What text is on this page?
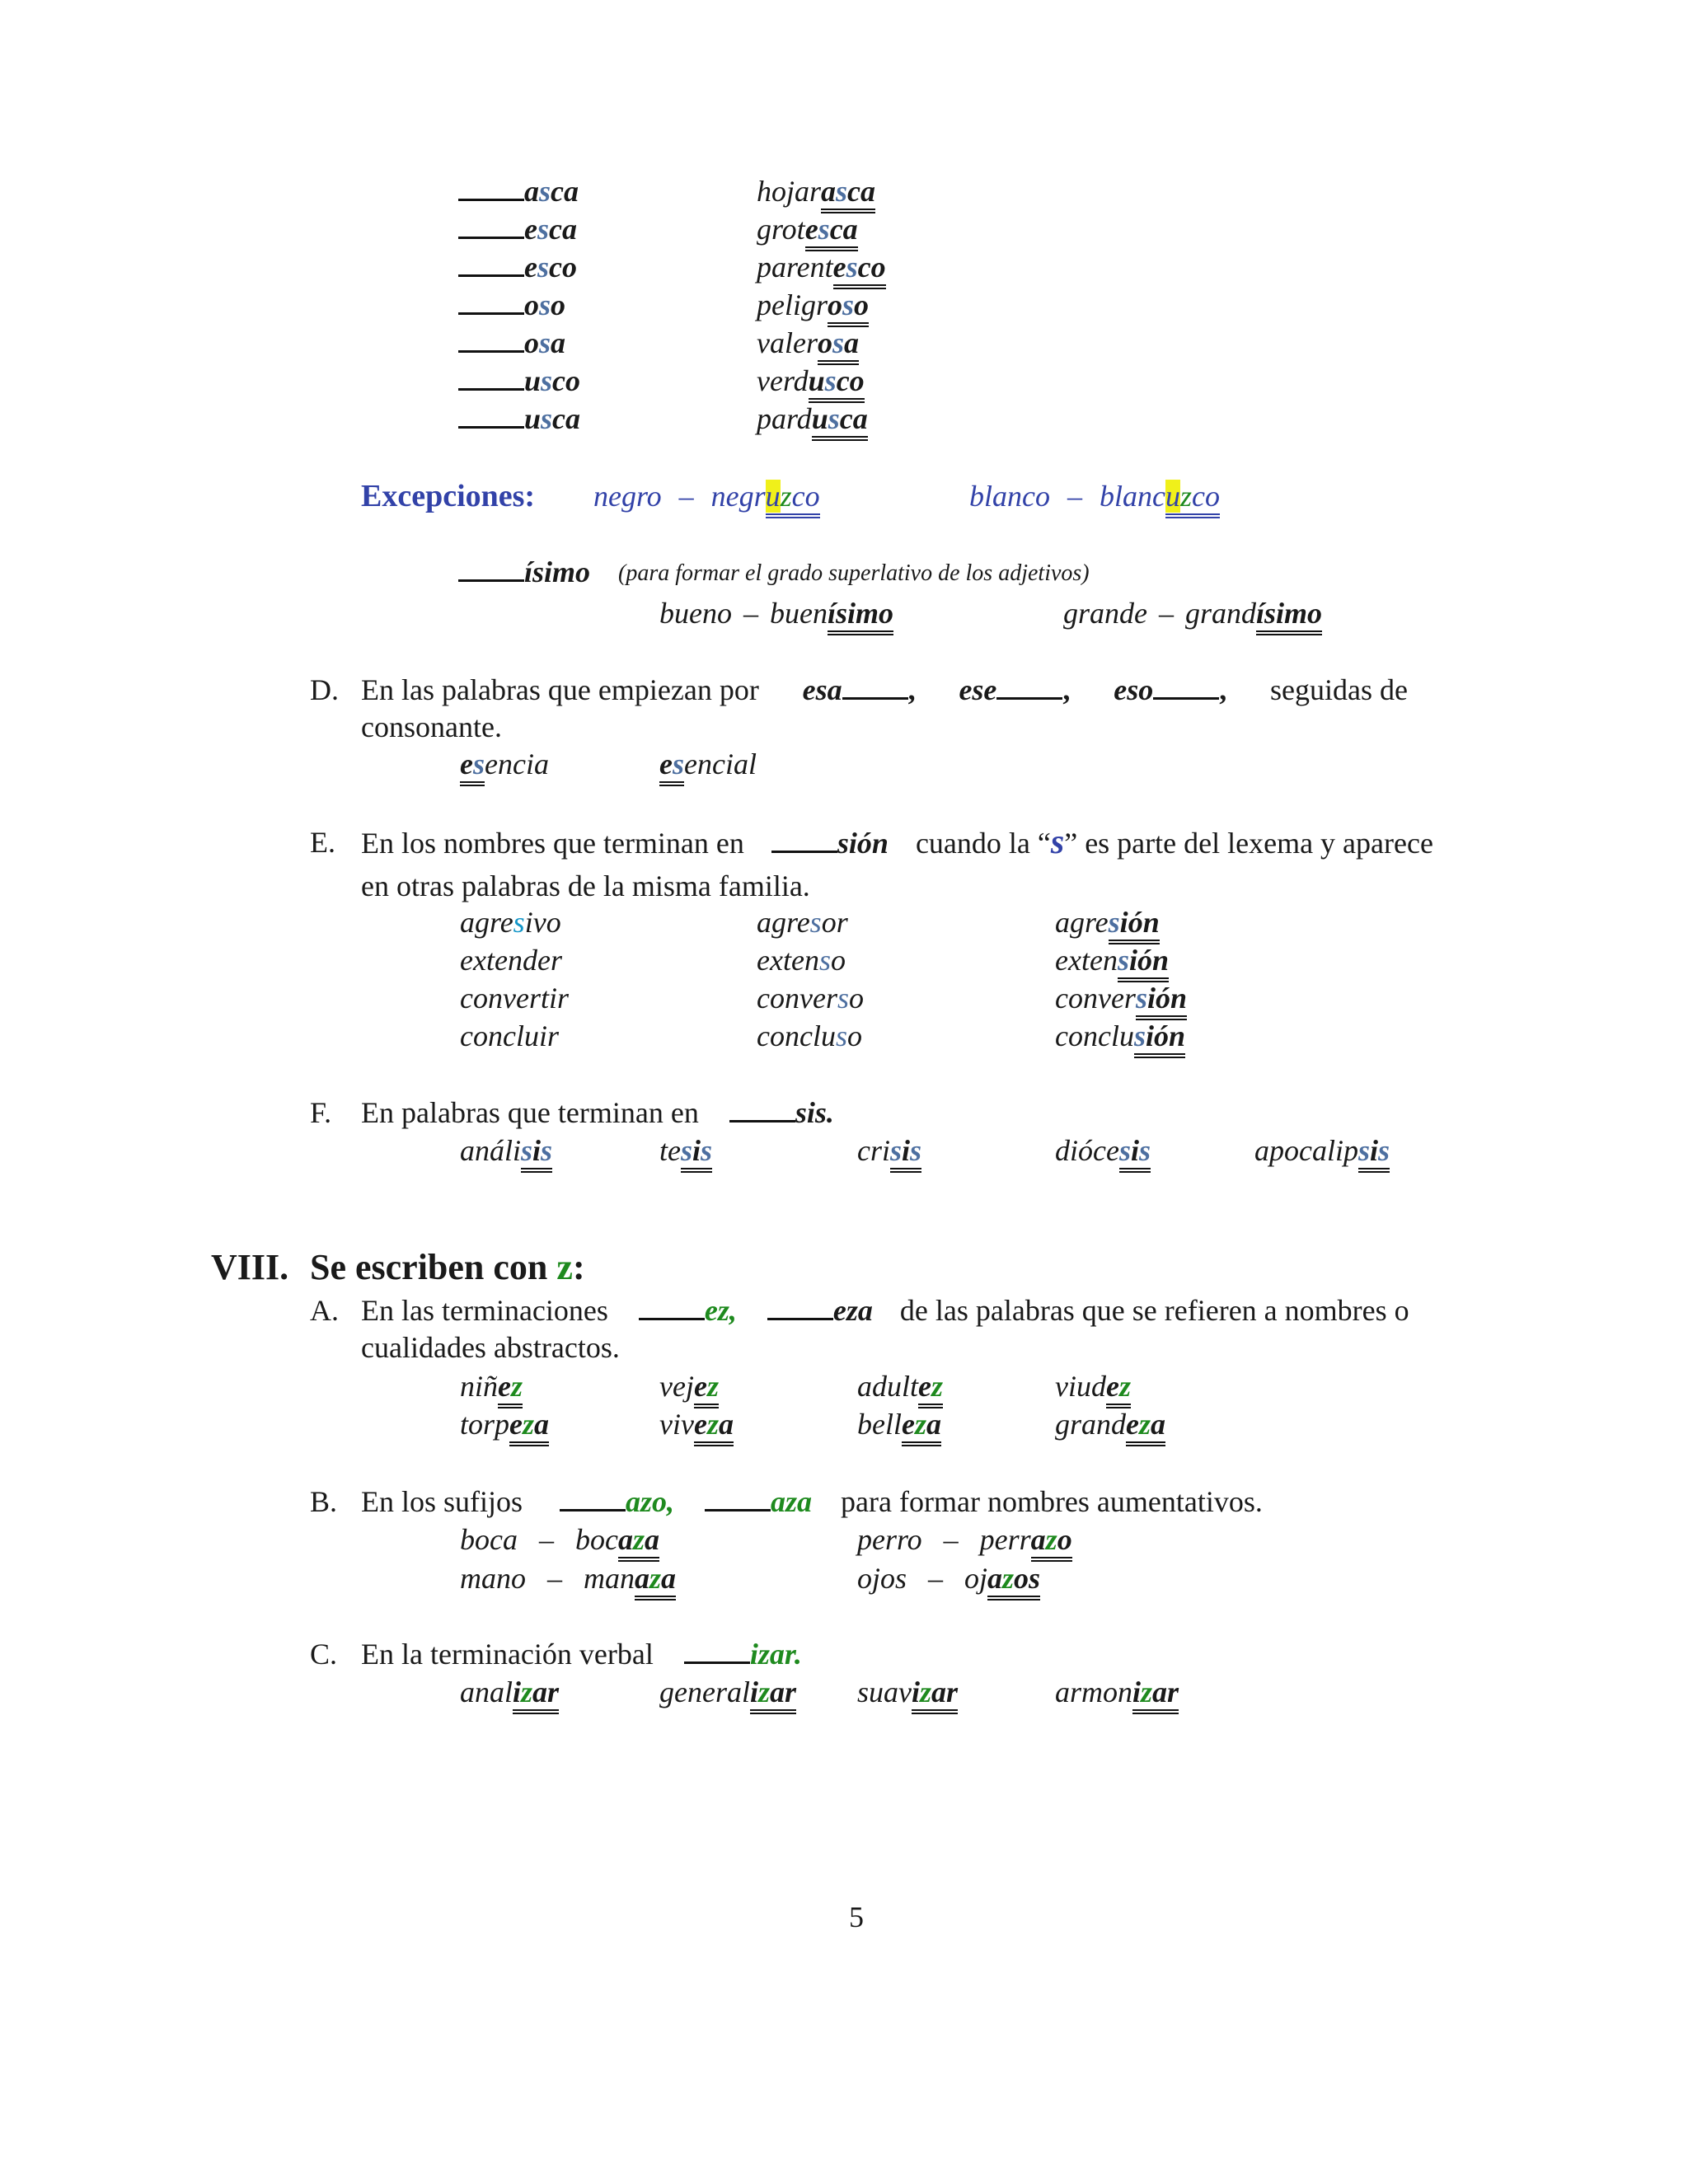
asca	hojarasca
esca	grotesca
esco	parentesco
oso	peligroso
osa	valerosa
usco	verdusco
usca	pardusca
Excepciones: negro – negruzco	blanco – blancuzco
ísimo (para formar el grado superlativo de los adjetivos)
bueno – buenísimo	grande – grandísimo
D. En las palabras que empiezan por esa , ese , eso , seguidas de
consonante.
esencia	esencial
E. En los nombres que terminan en	sión cuando la “s” es parte del lexema y aparece
en otras palabras de la misma familia.
agresivo	agresor	agresión
extender	extenso	extensión
convertir	converso	conversión
concluir	concluso	conclusión
F. En palabras que terminan en	sis.
análisis	tesis	crisis	diócesis	apocalipsis
VIII. Se escriben con z:
A. En las terminaciones	ez,	eza de las palabras que se refieren a nombres o
cualidades abstractos.
niñez	vejez	adultez	viudez
torpeza	viveza	belleza	grandeza
B. En los sufijos	azo,	aza para formar nombres aumentativos.
boca – bocaza	perro – perrazo
mano – manaza	ojos – ojazos
C. En la terminación verbal	izar.
analizar	generalizar suavizar	armonizar
5
